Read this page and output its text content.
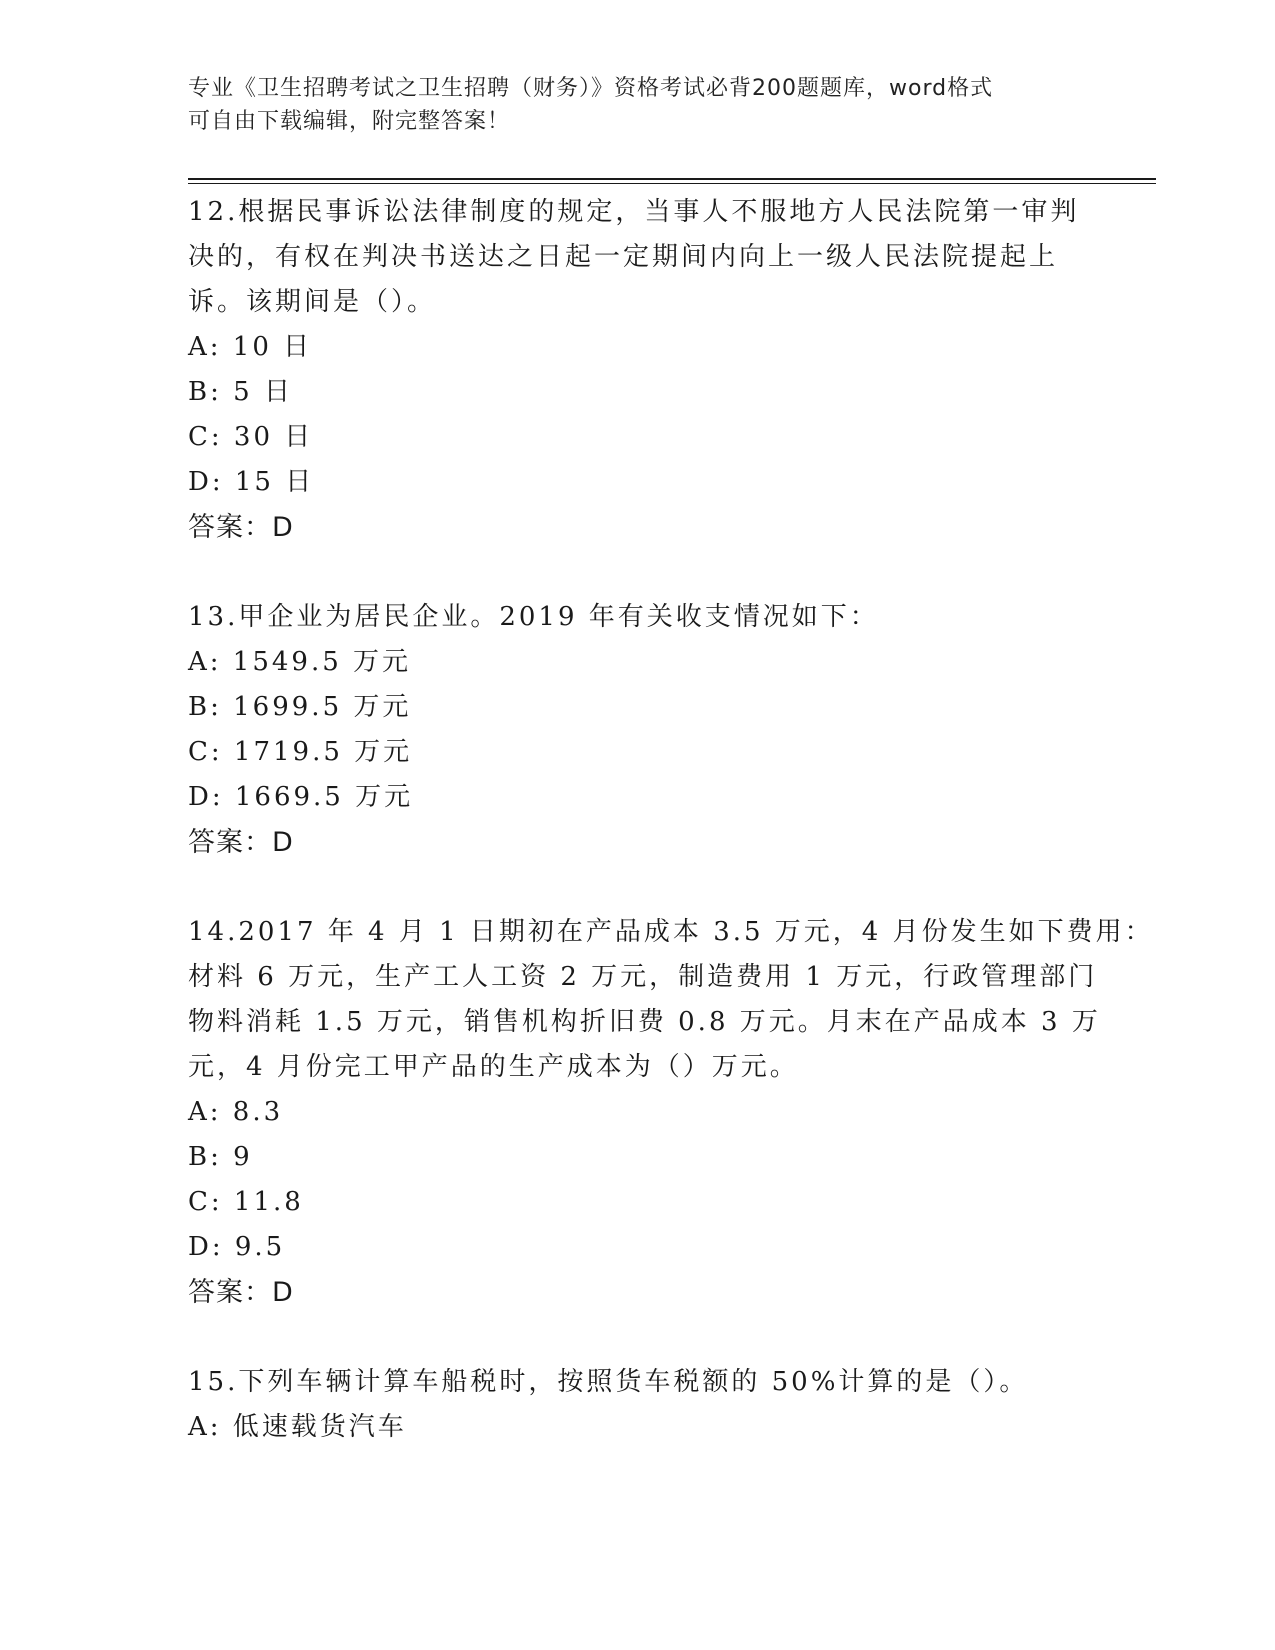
专业《卫生招聘考试之卫生招聘（财务）》资格考试必背200题题库，word格式
可自由下载编辑，附完整答案！
12.根据民事诉讼法律制度的规定，当事人不服地方人民法院第一审判
决的，有权在判决书送达之日起一定期间内向上一级人民法院提起上
诉。该期间是（）。
A: 10 日
B: 5 日
C: 30 日
D: 15 日
答案：D
13.甲企业为居民企业。2019 年有关收支情况如下：
A: 1549.5 万元
B: 1699.5 万元
C: 1719.5 万元
D: 1669.5 万元
答案：D
14.2017 年 4 月 1 日期初在产品成本 3.5 万元，4 月份发生如下费用：
材料 6 万元，生产工人工资 2 万元，制造费用 1 万元，行政管理部门
物料消耗 1.5 万元，销售机构折旧费 0.8 万元。月末在产品成本 3 万
元，4 月份完工甲产品的生产成本为（）万元。
A: 8.3
B: 9
C: 11.8
D: 9.5
答案：D
15.下列车辆计算车船税时，按照货车税额的 50%计算的是（）。
A: 低速载货汽车
